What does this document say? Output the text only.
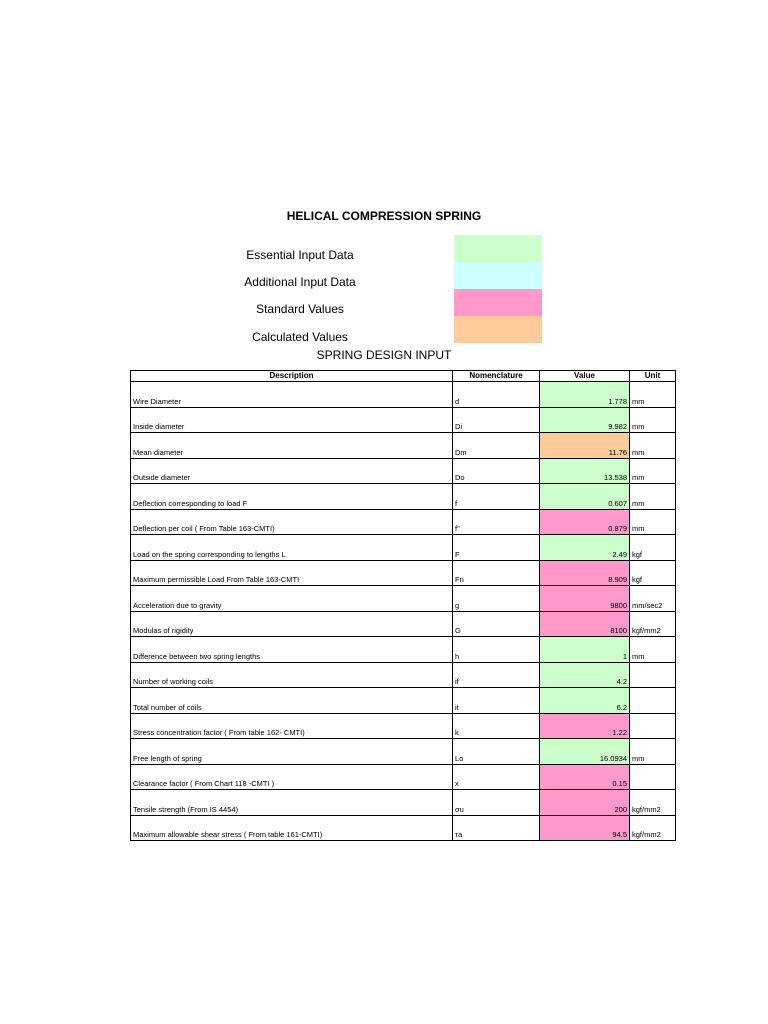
HELICAL COMPRESSION SPRING
Essential Input Data
Additional Input Data
Standard Values
Calculated Values
SPRING DESIGN INPUT
Description	Nomenclature	Value	Unit
Wire Diameter	d	1.778	mm
Inside diameter	Di	9.982	mm
Mean diameter	Dm	11.76	mm
Outside diameter	Do	13.538	mm
Deflection corresponding to load F	f	0.607	mm
Deflection per coil ( From Table 163-CMTI)	f"	0.879	mm
Load on the spring corresponding to lengths L	F	2.49	kgf
Maximum permissible Load From Table 163-CMTI	Fn	8.909	kgf
Acceleration due to gravity	g	9800	mm/sec2
Modulas of rigidity	G	8100	kgf/mm2
Difference between two spring lengths	h	1	mm
Number of working coils	if	4.2	
Total number of coils	it	6.2	
Stress concentration factor ( From table 162- CMTI)	k	1.22	
Free length of spring	Lo	16.0934	mm
Clearance factor ( From Chart 118 -CMTI )	x	0.15	
Tensile strength (From IS 4454)	σu	200	kgf/mm2
Maximum allowable shear stress ( From table 161-CMTI)	τa	94.5	kgf/mm2
